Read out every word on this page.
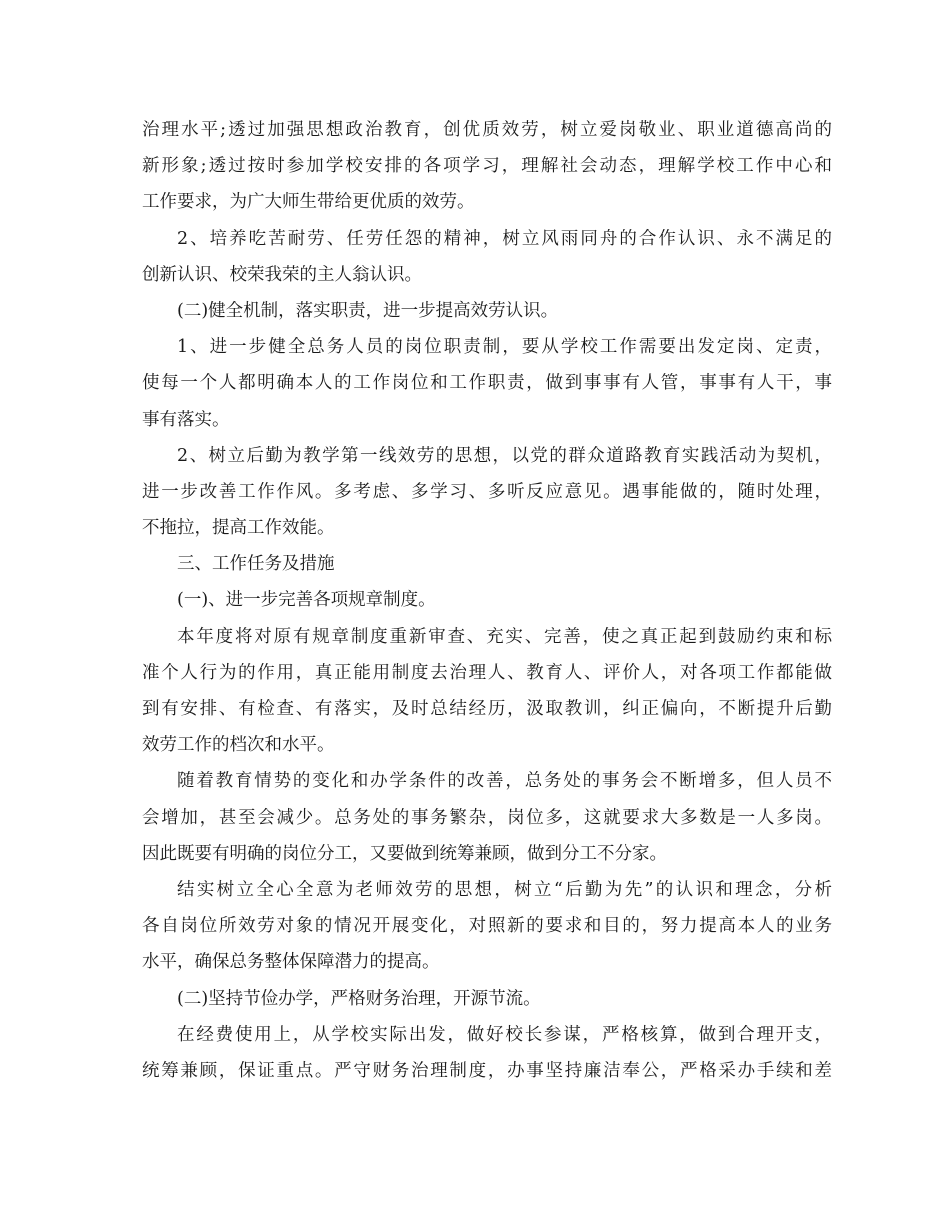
治理水平;透过加强思想政治教育，创优质效劳，树立爱岗敬业、职业道德高尚的
新形象;透过按时参加学校安排的各项学习，理解社会动态，理解学校工作中心和
工作要求，为广大师生带给更优质的效劳。
2、培养吃苦耐劳、任劳任怨的精神，树立风雨同舟的合作认识、永不满足的
创新认识、校荣我荣的主人翁认识。
(二)健全机制，落实职责，进一步提高效劳认识。
1、进一步健全总务人员的岗位职责制，要从学校工作需要出发定岗、定责，
使每一个人都明确本人的工作岗位和工作职责，做到事事有人管，事事有人干，事
事有落实。
2、树立后勤为教学第一线效劳的思想，以党的群众道路教育实践活动为契机，
进一步改善工作作风。多考虑、多学习、多听反应意见。遇事能做的，随时处理，
不拖拉，提高工作效能。
三、工作任务及措施
(一)、进一步完善各项规章制度。
本年度将对原有规章制度重新审查、充实、完善，使之真正起到鼓励约束和标
准个人行为的作用，真正能用制度去治理人、教育人、评价人，对各项工作都能做
到有安排、有检查、有落实，及时总结经历，汲取教训，纠正偏向，不断提升后勤
效劳工作的档次和水平。
随着教育情势的变化和办学条件的改善，总务处的事务会不断增多，但人员不
会增加，甚至会减少。总务处的事务繁杂，岗位多，这就要求大多数是一人多岗。
因此既要有明确的岗位分工，又要做到统筹兼顾，做到分工不分家。
结实树立全心全意为老师效劳的思想，树立“后勤为先”的认识和理念，分析
各自岗位所效劳对象的情况开展变化，对照新的要求和目的，努力提高本人的业务
水平，确保总务整体保障潜力的提高。
(二)坚持节俭办学，严格财务治理，开源节流。
在经费使用上，从学校实际出发，做好校长参谋，严格核算，做到合理开支，
统筹兼顾，保证重点。严守财务治理制度，办事坚持廉洁奉公，严格采办手续和差
